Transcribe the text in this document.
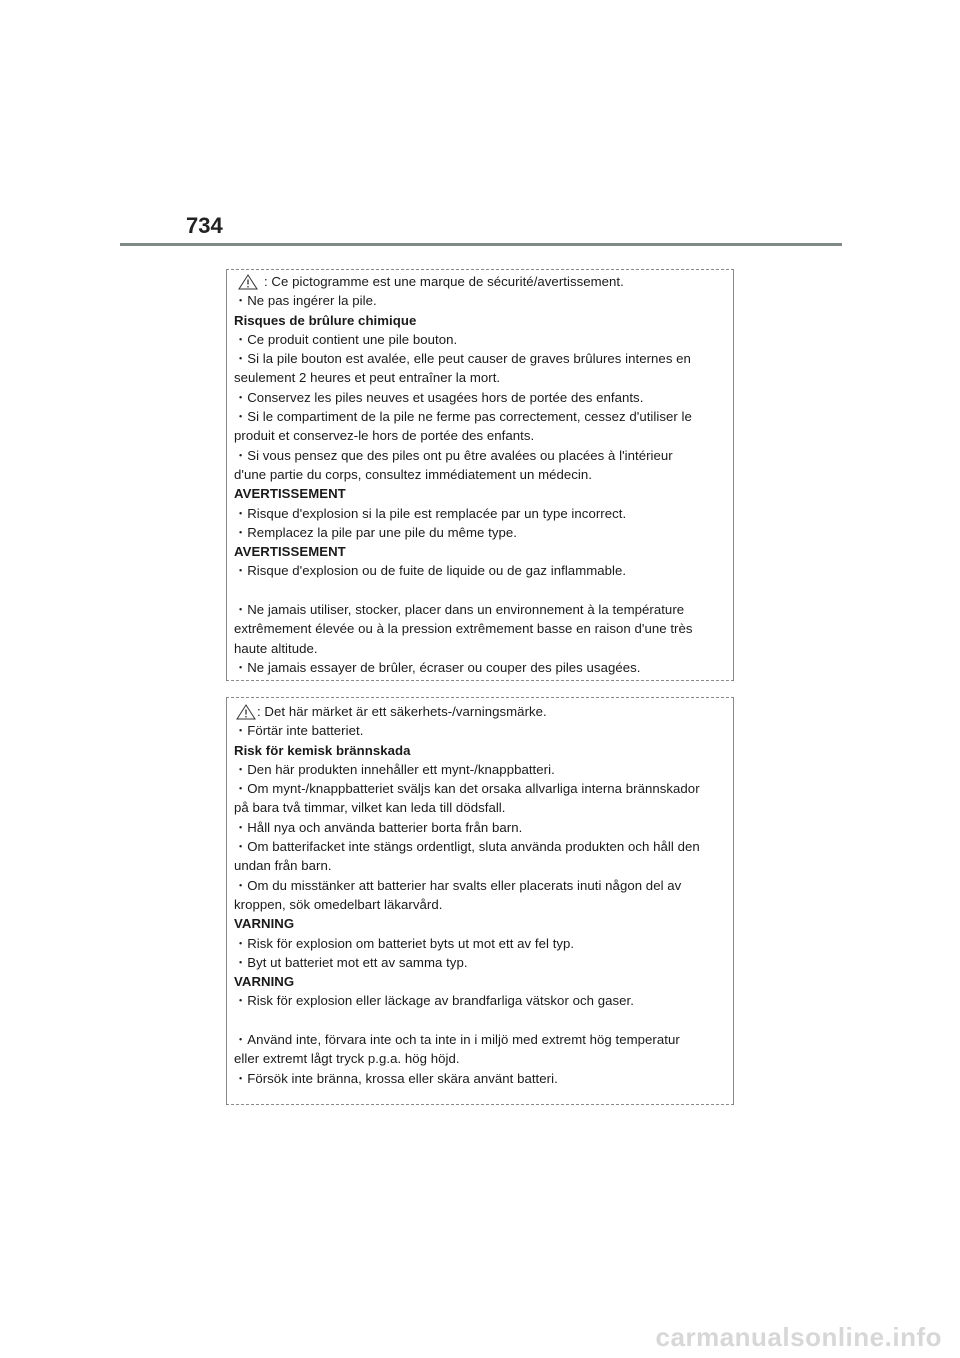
734
: Ce pictogramme est une marque de sécurité/avertissement.
・Ne pas ingérer la pile.
Risques de brûlure chimique
・Ce produit contient une pile bouton.
・Si la pile bouton est avalée, elle peut causer de graves brûlures internes en
seulement 2 heures et peut entraîner la mort.
・Conservez les piles neuves et usagées hors de portée des enfants.
・Si le compartiment de la pile ne ferme pas correctement, cessez d'utiliser le
produit et conservez-le hors de portée des enfants.
・Si vous pensez que des piles ont pu être avalées ou placées à l'intérieur
d'une partie du corps, consultez immédiatement un médecin.
AVERTISSEMENT
・Risque d'explosion si la pile est remplacée par un type incorrect.
・Remplacez la pile par une pile du même type.
AVERTISSEMENT
・Risque d'explosion ou de fuite de liquide ou de gaz inflammable.
・Ne jamais utiliser, stocker, placer dans un environnement à la température
extrêmement élevée ou à la pression extrêmement basse en raison d'une très
haute altitude.
・Ne jamais essayer de brûler, écraser ou couper des piles usagées.
: Det här märket är ett säkerhets-/varningsmärke.
・Förtär inte batteriet.
Risk för kemisk brännskada
・Den här produkten innehåller ett mynt-/knappbatteri.
・Om mynt-/knappbatteriet sväljs kan det orsaka allvarliga interna brännskador
på bara två timmar, vilket kan leda till dödsfall.
・Håll nya och använda batterier borta från barn.
・Om batterifacket inte stängs ordentligt, sluta använda produkten och håll den
undan från barn.
・Om du misstänker att batterier har svalts eller placerats inuti någon del av
kroppen, sök omedelbart läkarvård.
VARNING
・Risk för explosion om batteriet byts ut mot ett av fel typ.
・Byt ut batteriet mot ett av samma typ.
VARNING
・Risk för explosion eller läckage av brandfarliga vätskor och gaser.
・Använd inte, förvara inte och ta inte in i miljö med extremt hög temperatur
eller extremt lågt tryck p.g.a. hög höjd.
・Försök inte bränna, krossa eller skära använt batteri.
carmanualsonline.info
